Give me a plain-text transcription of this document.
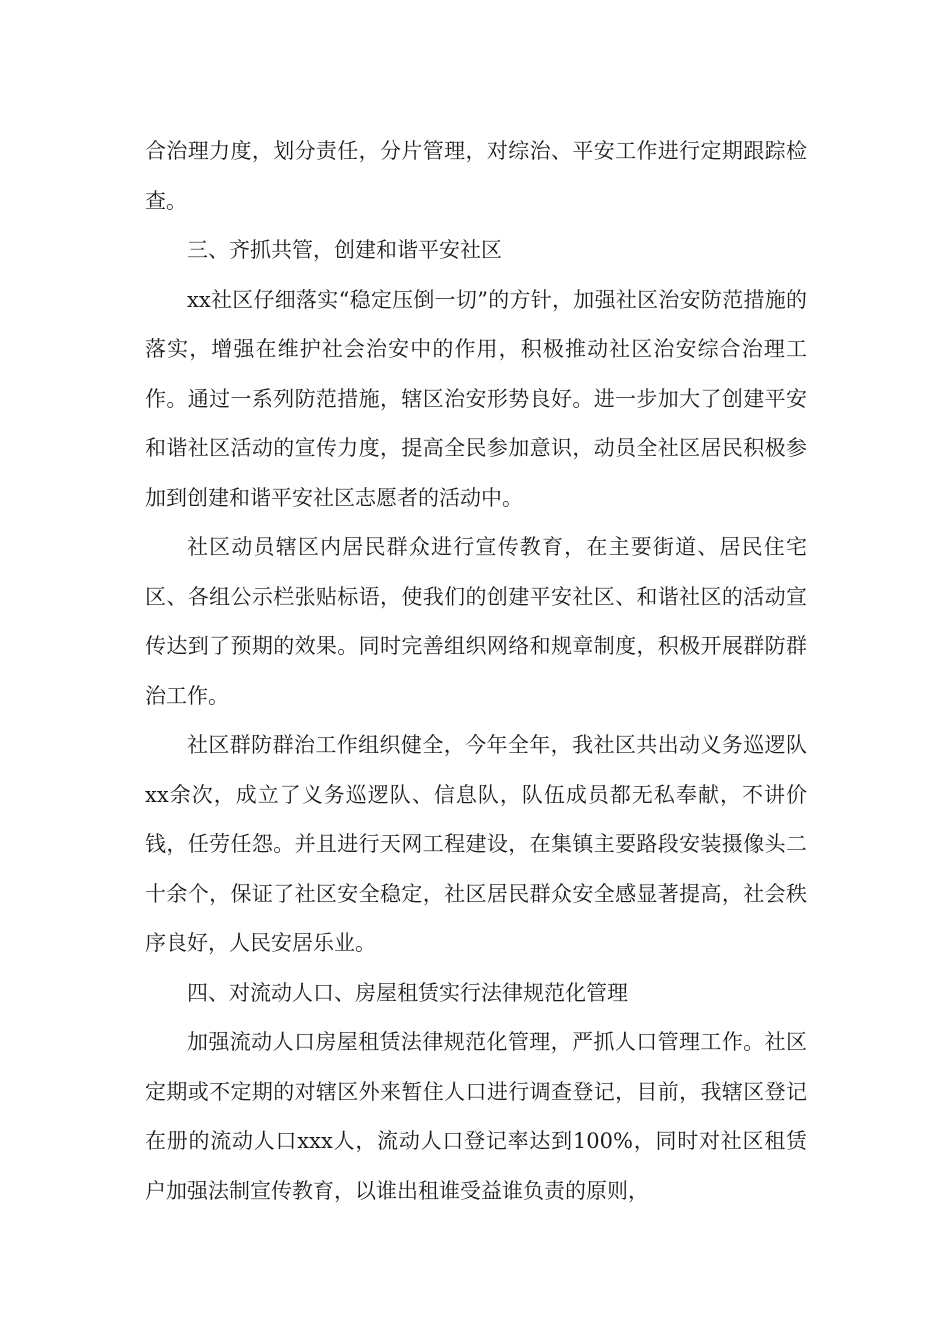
合治理力度，划分责任，分片管理，对综治、平安工作进行定期跟踪检查。

三、齐抓共管，创建和谐平安社区

xx社区仔细落实“稳定压倒一切”的方针，加强社区治安防范措施的落实，增强在维护社会治安中的作用，积极推动社区治安综合治理工作。通过一系列防范措施，辖区治安形势良好。进一步加大了创建平安和谐社区活动的宣传力度，提高全民参加意识，动员全社区居民积极参加到创建和谐平安社区志愿者的活动中。

社区动员辖区内居民群众进行宣传教育，在主要街道、居民住宅区、各组公示栏张贴标语，使我们的创建平安社区、和谐社区的活动宣传达到了预期的效果。同时完善组织网络和规章制度，积极开展群防群治工作。

社区群防群治工作组织健全，今年全年，我社区共出动义务巡逻队xx余次，成立了义务巡逻队、信息队，队伍成员都无私奉献，不讲价钱，任劳任怨。并且进行天网工程建设，在集镇主要路段安装摄像头二十余个，保证了社区安全稳定，社区居民群众安全感显著提高，社会秩序良好，人民安居乐业。

四、对流动人口、房屋租赁实行法律规范化管理

加强流动人口房屋租赁法律规范化管理，严抓人口管理工作。社区定期或不定期的对辖区外来暂住人口进行调查登记，目前，我辖区登记在册的流动人口xxx人，流动人口登记率达到100%，同时对社区租赁户加强法制宣传教育，以谁出租谁受益谁负责的原则，
